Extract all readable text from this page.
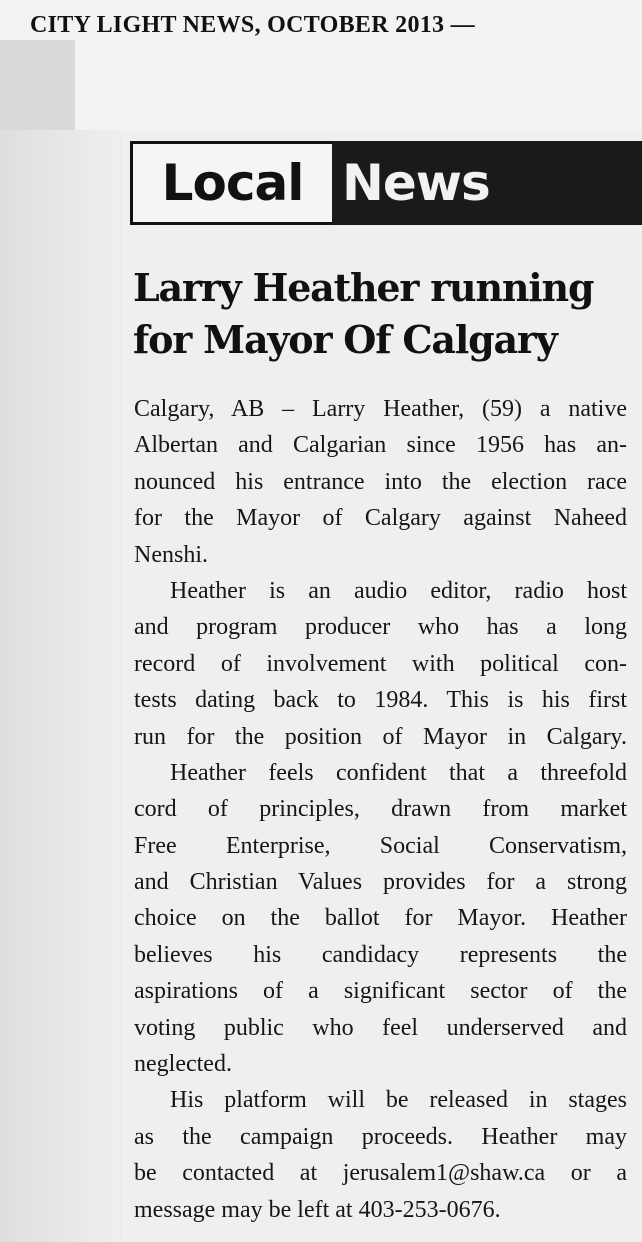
CITY LIGHT NEWS, OCTOBER 2013 —
Local News
Larry Heather running
for Mayor Of Calgary
Calgary, AB – Larry Heather, (59) a native
Albertan and Calgarian since 1956 has an-
nounced his entrance into the election race
for the Mayor of Calgary against Naheed
Nenshi.
Heather is an audio editor, radio host
and program producer who has a long
record of involvement with political con-
tests dating back to 1984. This is his first
run for the position of Mayor in Calgary.
Heather feels confident that a threefold
cord of principles, drawn from market
Free Enterprise, Social Conservatism,
and Christian Values provides for a strong
choice on the ballot for Mayor. Heather
believes his candidacy represents the
aspirations of a significant sector of the
voting public who feel underserved and
neglected.
His platform will be released in stages
as the campaign proceeds. Heather may
be contacted at jerusalem1@shaw.ca or a
message may be left at 403-253-0676.
